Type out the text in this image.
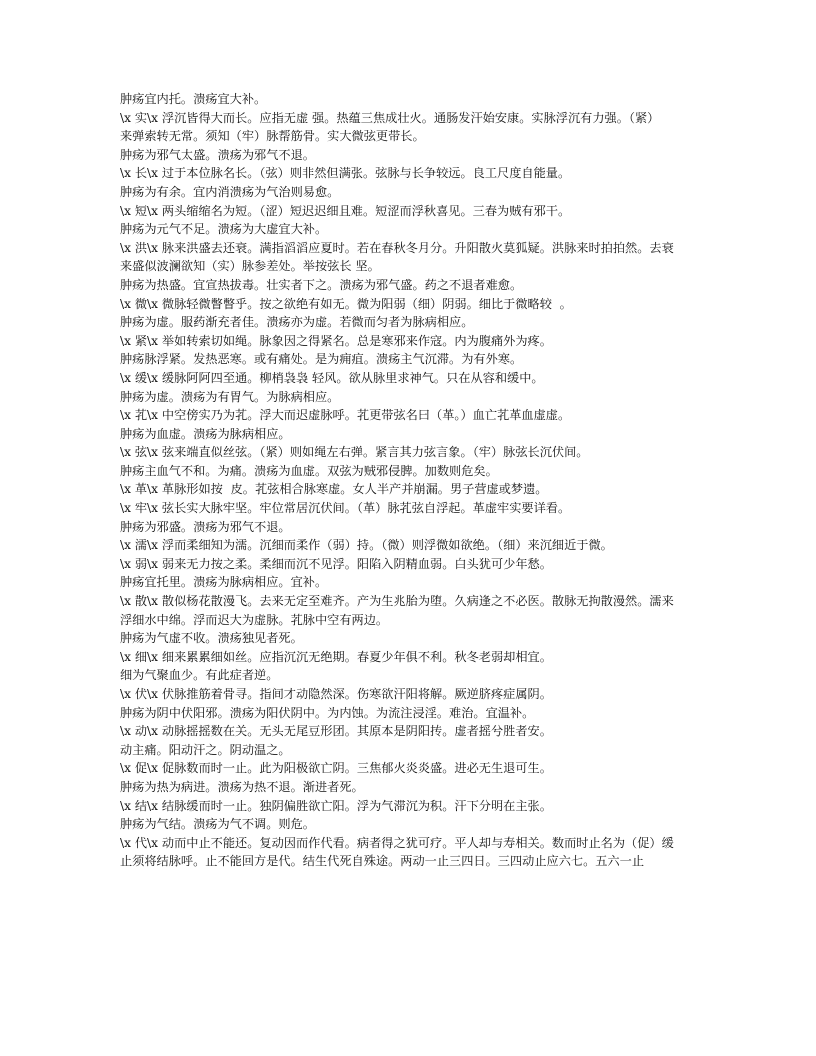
肿疡宜内托。溃疡宜大补。

\x 实\x 浮沉皆得大而长。应指无虚 强。热蕴三焦成壮火。通肠发汗始安康。实脉浮沉有力强。（紧）

来弹索转无常。须知（牢）脉帮筋骨。实大微弦更带长。

肿疡为邪气太盛。溃疡为邪气不退。

\x 长\x 过于本位脉名长。（弦）则非然但满张。弦脉与长争较远。良工尺度自能量。

肿疡为有余。宜内消溃疡为气治则易愈。

\x 短\x 两头缩缩名为短。（涩）短迟迟细且难。短涩而浮秋喜见。三春为贼有邪干。

肿疡为元气不足。溃疡为大虚宜大补。

\x 洪\x 脉来洪盛去还衰。满指滔滔应夏时。若在春秋冬月分。升阳散火莫狐疑。洪脉来时拍拍然。去衰

来盛似波澜欲知（实）脉参差处。举按弦长 坚。

肿疡为热盛。宜宣热拔毒。壮实者下之。溃疡为邪气盛。药之不退者难愈。

\x 微\x 微脉轻微瞥瞥乎。按之欲绝有如无。微为阳弱（细）阴弱。细比于微略较  。

肿疡为虚。服药渐充者佳。溃疡亦为虚。若微而匀者为脉病相应。

\x 紧\x 举如转索切如绳。脉象因之得紧名。总是寒邪来作寇。内为腹痛外为疼。

肿疡脉浮紧。发热恶寒。或有痛处。是为痈疽。溃疡主气沉滞。为有外寒。

\x 缓\x 缓脉阿阿四至通。柳梢袅袅 轻风。欲从脉里求神气。只在从容和缓中。

肿疡为虚。溃疡为有胃气。为脉病相应。

\x 芤\x 中空傍实乃为芤。浮大而迟虚脉呼。芤更带弦名曰（革。）血亡芤革血虚虚。

肿疡为血虚。溃疡为脉病相应。

\x 弦\x 弦来端直似丝弦。（紧）则如绳左右弹。紧言其力弦言象。（牢）脉弦长沉伏间。

肿疡主血气不和。为痛。溃疡为血虚。双弦为贼邪侵脾。加数则危矣。

\x 革\x 革脉形如按  皮。芤弦相合脉寒虚。女人半产并崩漏。男子营虚或梦遗。

\x 牢\x 弦长实大脉牢坚。牢位常居沉伏间。（革）脉芤弦自浮起。革虚牢实要详看。

肿疡为邪盛。溃疡为邪气不退。

\x 濡\x 浮而柔细知为濡。沉细而柔作（弱）持。（微）则浮微如欲绝。（细）来沉细近于微。

\x 弱\x 弱来无力按之柔。柔细而沉不见浮。阳陷入阴精血弱。白头犹可少年愁。

肿疡宜托里。溃疡为脉病相应。宜补。

\x 散\x 散似杨花散漫飞。去来无定至难齐。产为生兆胎为堕。久病逢之不必医。散脉无拘散漫然。濡来

浮细水中绵。浮而迟大为虚脉。芤脉中空有两边。

肿疡为气虚不收。溃疡独见者死。

\x 细\x 细来累累细如丝。应指沉沉无绝期。春夏少年俱不利。秋冬老弱却相宜。

细为气聚血少。有此症者逆。

\x 伏\x 伏脉推筋着骨寻。指间才动隐然深。伤寒欲汗阳将解。厥逆脐疼症属阴。

肿疡为阴中伏阳邪。溃疡为阳伏阴中。为内蚀。为流注浸淫。难治。宜温补。

\x 动\x 动脉摇摇数在关。无头无尾豆形团。其原本是阴阳抟。虚者摇兮胜者安。

动主痛。阳动汗之。阴动温之。

\x 促\x 促脉数而时一止。此为阳极欲亡阴。三焦郁火炎炎盛。进必无生退可生。

肿疡为热为病进。溃疡为热不退。渐进者死。

\x 结\x 结脉缓而时一止。独阴偏胜欲亡阳。浮为气滞沉为积。汗下分明在主张。

肿疡为气结。溃疡为气不调。则危。

\x 代\x 动而中止不能还。复动因而作代看。病者得之犹可疗。平人却与寿相关。数而时止名为（促）缓

止须将结脉呼。止不能回方是代。结生代死自殊途。两动一止三四日。三四动止应六七。五六一止
